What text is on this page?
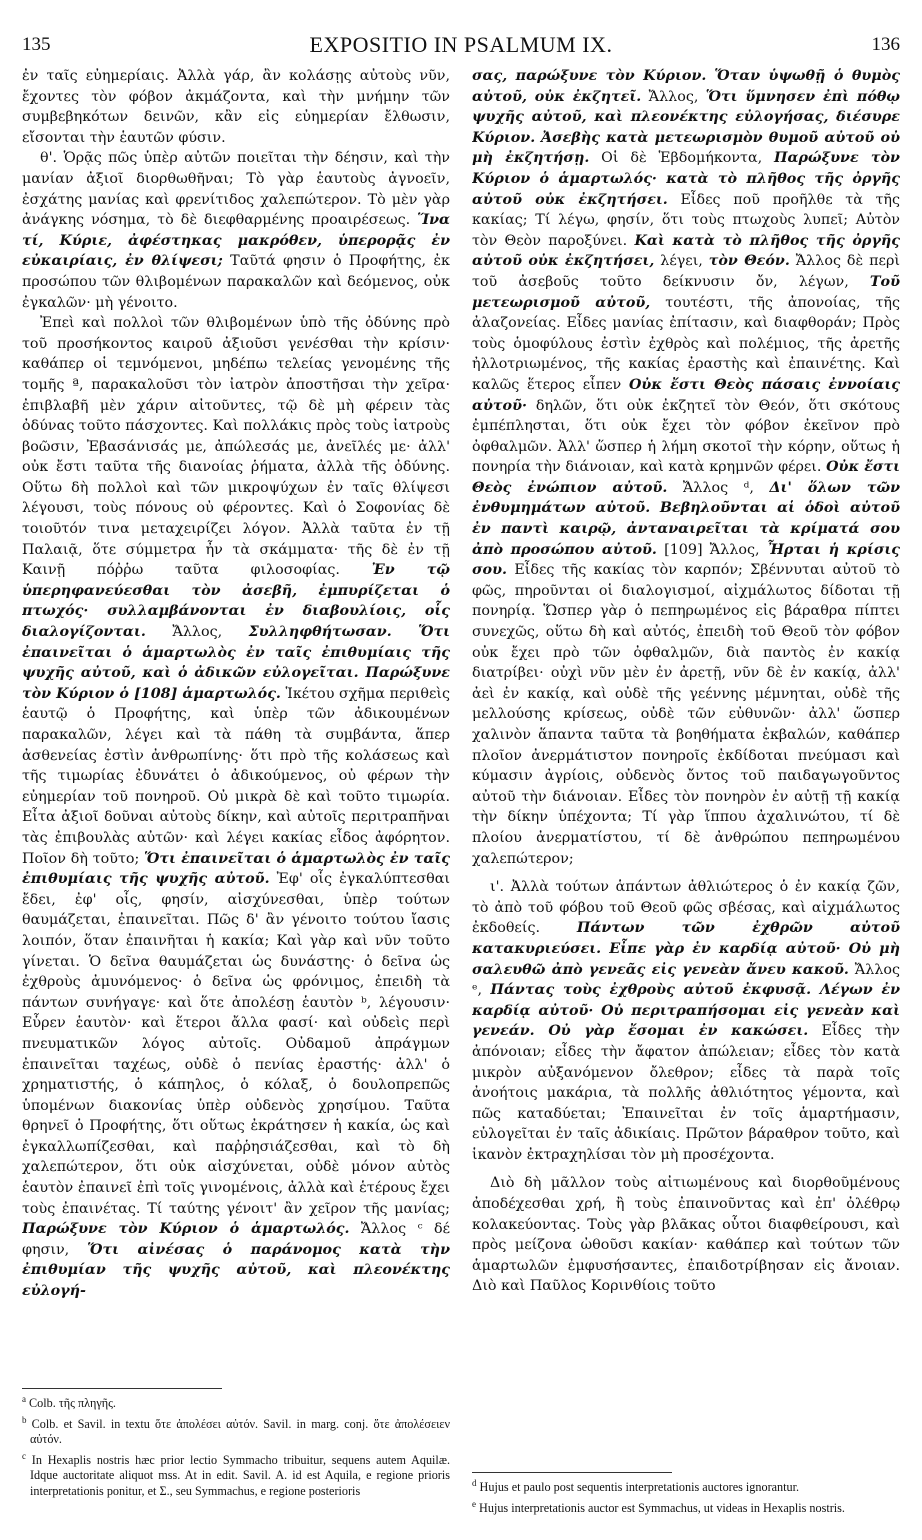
135	EXPOSITIO IN PSALMUM IX.	136

ἐν ταῖς εὐημερίαις. Ἀλλὰ γάρ, ἂν κολάσῃς αὐτοὺς νῦν, ἔχοντες τὸν φόβον ἀκμάζοντα, καὶ τὴν μνήμην τῶν συμβεβηκότων δεινῶν, κἂν εἰς εὐημερίαν ἔλθωσιν, εἴσονται τὴν ἑαυτῶν φύσιν.

θ'. Ὁρᾷς πῶς ὑπὲρ αὐτῶν ποιεῖται τὴν δέησιν, καὶ τὴν μανίαν ἀξιοῖ διορθωθῆναι; Τὸ γὰρ ἑαυτοὺς ἀγνοεῖν, ἐσχάτης μανίας καὶ φρενίτιδος χαλεπώτερον. Τὸ μὲν γὰρ ἀνάγκης νόσημα, τὸ δὲ διεφθαρμένης προαιρέσεως. Ἵνα τί, Κύριε, ἀφέστηκας μακρόθεν, ὑπερορᾷς ἐν εὐκαιρίαις, ἐν θλίψεσι; Ταῦτά φησιν ὁ Προφήτης, ἐκ προσώπου τῶν θλιβομένων παρακαλῶν καὶ δεόμενος, οὐκ ἐγκαλῶν· μὴ γένοιτο.

Ἐπεὶ καὶ πολλοὶ τῶν θλιβομένων ὑπὸ τῆς ὀδύνης πρὸ τοῦ προσήκοντος καιροῦ ἀξιοῦσι γενέσθαι τὴν κρίσιν· καθάπερ οἱ τεμνόμενοι, μηδέπω τελείας γενομένης τῆς τομῆς ª, παρακαλοῦσι τὸν ἰατρὸν ἀποστῆσαι τὴν χεῖρα· ἐπιβλαβῆ μὲν χάριν αἰτοῦντες, τῷ δὲ μὴ φέρειν τὰς ὀδύνας τοῦτο πάσχοντες. Καὶ πολλάκις πρὸς τοὺς ἰατροὺς βοῶσιν, Ἐβασάνισάς με, ἀπώλεσάς με, ἀνεῖλές με· ἀλλ' οὐκ ἔστι ταῦτα τῆς διανοίας ῥήματα, ἀλλὰ τῆς ὀδύνης. Οὕτω δὴ πολλοὶ καὶ τῶν μικροψύχων ἐν ταῖς θλίψεσι λέγουσι, τοὺς πόνους οὐ φέροντες. Καὶ ὁ Σοφονίας δὲ τοιοῦτόν τινα μεταχειρίζει λόγον. Ἀλλὰ ταῦτα ἐν τῇ Παλαιᾷ, ὅτε σύμμετρα ἦν τὰ σκάμματα· τῆς δὲ ἐν τῇ Καινῇ πόῤῥω ταῦτα φιλοσοφίας. Ἐν τῷ ὑπερηφανεύεσθαι τὸν ἀσεβῆ, ἐμπυρίζεται ὁ πτωχός· συλλαμβάνονται ἐν διαβουλίοις, οἷς διαλογίζονται. Ἄλλος, Συλληφθήτωσαν. Ὅτι ἐπαινεῖται ὁ ἁμαρτωλὸς ἐν ταῖς ἐπιθυμίαις τῆς ψυχῆς αὐτοῦ, καὶ ὁ ἀδικῶν εὐλογεῖται. Παρώξυνε τὸν Κύριον ὁ [108] ἁμαρτωλός. Ἱκέτου σχῆμα περιθεὶς ἑαυτῷ ὁ Προφήτης, καὶ ὑπὲρ τῶν ἀδικουμένων παρακαλῶν, λέγει καὶ τὰ πάθη τὰ συμβάντα, ἅπερ ἀσθενείας ἐστὶν ἀνθρωπίνης· ὅτι πρὸ τῆς κολάσεως καὶ τῆς τιμωρίας ἐδυνάτει ὁ ἀδικούμενος, οὐ φέρων τὴν εὐημερίαν τοῦ πονηροῦ. Οὐ μικρὰ δὲ καὶ τοῦτο τιμωρία. Εἶτα ἀξιοῖ δοῦναι αὐτοὺς δίκην, καὶ αὐτοῖς περιτραπῆναι τὰς ἐπιβουλὰς αὐτῶν· καὶ λέγει κακίας εἶδος ἀφόρητον. Ποῖον δὴ τοῦτο; Ὅτι ἐπαινεῖται ὁ ἁμαρτωλὸς ἐν ταῖς ἐπιθυμίαις τῆς ψυχῆς αὐτοῦ. Ἐφ' οἷς ἐγκαλύπτεσθαι ἔδει, ἐφ' οἷς, φησίν, αἰσχύνεσθαι, ὑπὲρ τούτων θαυμάζεται, ἐπαινεῖται. Πῶς δ' ἂν γένοιτο τούτου ἴασις λοιπόν, ὅταν ἐπαινῆται ἡ κακία; Καὶ γὰρ καὶ νῦν τοῦτο γίνεται. Ὁ δεῖνα θαυμάζεται ὡς δυνάστης· ὁ δεῖνα ὡς ἐχθροὺς ἀμυνόμενος· ὁ δεῖνα ὡς φρόνιμος, ἐπειδὴ τὰ πάντων συνήγαγε· καὶ ὅτε ἀπολέσῃ ἑαυτὸν ᵇ, λέγουσιν· Εὗρεν ἑαυτὸν· καὶ ἕτεροι ἄλλα φασί· καὶ οὐδεὶς περὶ πνευματικῶν λόγος αὐτοῖς. Οὐδαμοῦ ἀπράγμων ἐπαινεῖται ταχέως, οὐδὲ ὁ πενίας ἐραστής· ἀλλ' ὁ χρηματιστής, ὁ κάπηλος, ὁ κόλαξ, ὁ δουλοπρεπῶς ὑπομένων διακονίας ὑπὲρ οὐδενὸς χρησίμου. Ταῦτα θρηνεῖ ὁ Προφήτης, ὅτι οὕτως ἐκράτησεν ἡ κακία, ὡς καὶ ἐγκαλλωπίζεσθαι, καὶ παῤῥησιάζεσθαι, καὶ τὸ δὴ χαλεπώτερον, ὅτι οὐκ αἰσχύνεται, οὐδὲ μόνον αὐτὸς ἑαυτὸν ἐπαινεῖ ἐπὶ τοῖς γινομένοις, ἀλλὰ καὶ ἑτέρους ἔχει τοὺς ἐπαινέτας. Τί ταύτης γένοιτ' ἂν χεῖρον τῆς μανίας; Παρώξυνε τὸν Κύριον ὁ ἁμαρτωλός. Ἄλλος ᶜ δέ φησιν, Ὅτι αἰνέσας ὁ παράνομος κατὰ τὴν ἐπιθυμίαν τῆς ψυχῆς αὐτοῦ, καὶ πλεονέκτης εὐλογή-

σας, παρώξυνε τὸν Κύριον. Ὅταν ὑψωθῇ ὁ θυμὸς αὐτοῦ, οὐκ ἐκζητεῖ. Ἄλλος, Ὅτι ὕμνησεν ἐπὶ πόθῳ ψυχῆς αὐτοῦ, καὶ πλεονέκτης εὐλογήσας, διέσυρε Κύριον. Ἀσεβὴς κατὰ μετεωρισμὸν θυμοῦ αὐτοῦ οὐ μὴ ἐκζητήσῃ. Οἱ δὲ Ἑβδομήκοντα, Παρώξυνε τὸν Κύριον ὁ ἁμαρτωλός· κατὰ τὸ πλῆθος τῆς ὀργῆς αὐτοῦ οὐκ ἐκζητήσει. Εἶδες ποῦ προῆλθε τὰ τῆς κακίας; Τί λέγω, φησίν, ὅτι τοὺς πτωχοὺς λυπεῖ; Αὐτὸν τὸν Θεὸν παροξύνει. Καὶ κατὰ τὸ πλῆθος τῆς ὀργῆς αὐτοῦ οὐκ ἐκζητήσει, λέγει, τὸν Θεόν. Ἄλλος δὲ περὶ τοῦ ἀσεβοῦς τοῦτο δείκνυσιν ὄν, λέγων, Τοῦ μετεωρισμοῦ αὐτοῦ, τουτέστι, τῆς ἀπονοίας, τῆς ἀλαζονείας. Εἶδες μανίας ἐπίτασιν, καὶ διαφθοράν; Πρὸς τοὺς ὁμοφύλους ἐστὶν ἐχθρὸς καὶ πολέμιος, τῆς ἀρετῆς ἠλλοτριωμένος, τῆς κακίας ἐραστὴς καὶ ἐπαινέτης. Καὶ καλῶς ἕτερος εἶπεν Οὐκ ἔστι Θεὸς πάσαις ἐννοίαις αὐτοῦ· δηλῶν, ὅτι οὐκ ἐκζητεῖ τὸν Θεόν, ὅτι σκότους ἐμπέπλησται, ὅτι οὐκ ἔχει τὸν φόβον ἐκεῖνον πρὸ ὀφθαλμῶν. Ἀλλ' ὥσπερ ἡ λήμη σκοτοῖ τὴν κόρην, οὕτως ἡ πονηρία τὴν διάνοιαν, καὶ κατὰ κρημνῶν φέρει. Οὐκ ἔστι Θεὸς ἐνώπιον αὐτοῦ. Ἄλλος ᵈ, Δι' ὅλων τῶν ἐνθυμημάτων αὐτοῦ. Βεβηλοῦνται αἱ ὁδοὶ αὐτοῦ ἐν παντὶ καιρῷ, ἀνταναιρεῖται τὰ κρίματά σου ἀπὸ προσώπου αὐτοῦ. [109] Ἄλλος, Ἦρται ἡ κρίσις σου. Εἶδες τῆς κακίας τὸν καρπόν; Σβέννυται αὐτοῦ τὸ φῶς, πηροῦνται οἱ διαλογισμοί, αἰχμάλωτος δίδοται τῇ πονηρίᾳ. Ὥσπερ γὰρ ὁ πεπηρωμένος εἰς βάραθρα πίπτει συνεχῶς, οὕτω δὴ καὶ αὐτός, ἐπειδὴ τοῦ Θεοῦ τὸν φόβον οὐκ ἔχει πρὸ τῶν ὀφθαλμῶν, διὰ παντὸς ἐν κακίᾳ διατρίβει· οὐχὶ νῦν μὲν ἐν ἀρετῇ, νῦν δὲ ἐν κακίᾳ, ἀλλ' ἀεὶ ἐν κακίᾳ, καὶ οὐδὲ τῆς γεέννης μέμνηται, οὐδὲ τῆς μελλούσης κρίσεως, οὐδὲ τῶν εὐθυνῶν· ἀλλ' ὥσπερ χαλινὸν ἅπαντα ταῦτα τὰ βοηθήματα ἐκβαλών, καθάπερ πλοῖον ἀνερμάτιστον πονηροῖς ἐκδίδοται πνεύμασι καὶ κύμασιν ἀγρίοις, οὐδενὸς ὄντος τοῦ παιδαγωγοῦντος αὐτοῦ τὴν διάνοιαν. Εἶδες τὸν πονηρὸν ἐν αὐτῇ τῇ κακίᾳ τὴν δίκην ὑπέχοντα; Τί γὰρ ἵππου ἀχαλινώτου, τί δὲ πλοίου ἀνερματίστου, τί δὲ ἀνθρώπου πεπηρωμένου χαλεπώτερον;

ι'. Ἀλλὰ τούτων ἁπάντων ἀθλιώτερος ὁ ἐν κακίᾳ ζῶν, τὸ ἀπὸ τοῦ φόβου τοῦ Θεοῦ φῶς σβέσας, καὶ αἰχμάλωτος ἐκδοθείς. Πάντων τῶν ἐχθρῶν αὐτοῦ κατακυριεύσει. Εἶπε γὰρ ἐν καρδίᾳ αὐτοῦ· Οὐ μὴ σαλευθῶ ἀπὸ γενεᾶς εἰς γενεὰν ἄνευ κακοῦ. Ἄλλος ᵉ, Πάντας τοὺς ἐχθροὺς αὐτοῦ ἐκφυσᾷ. Λέγων ἐν καρδίᾳ αὐτοῦ· Οὐ περιτραπήσομαι εἰς γενεὰν καὶ γενεάν. Οὐ γὰρ ἔσομαι ἐν κακώσει. Εἶδες τὴν ἀπόνοιαν; εἶδες τὴν ἄφατον ἀπώλειαν; εἶδες τὸν κατὰ μικρὸν αὐξανόμενον ὄλεθρον; εἶδες τὰ παρὰ τοῖς ἀνοήτοις μακάρια, τὰ πολλῆς ἀθλιότητος γέμοντα, καὶ πῶς καταδύεται; Ἐπαινεῖται ἐν τοῖς ἁμαρτήμασιν, εὐλογεῖται ἐν ταῖς ἀδικίαις. Πρῶτον βάραθρον τοῦτο, καὶ ἱκανὸν ἐκτραχηλίσαι τὸν μὴ προσέχοντα.

Διὸ δὴ μᾶλλον τοὺς αἰτιωμένους καὶ διορθοῦμένους ἀποδέχεσθαι χρή, ἢ τοὺς ἐπαινοῦντας καὶ ἐπ' ὀλέθρῳ κολακεύοντας. Τοὺς γὰρ βλᾶκας οὗτοι διαφθείρουσι, καὶ πρὸς μείζονα ὠθοῦσι κακίαν· καθάπερ καὶ τούτων τῶν ἁμαρτωλῶν ἐμφυσήσαντες, ἐπαιδοτρίβησαν εἰς ἄνοιαν. Διὸ καὶ Παῦλος Κορινθίοις τοῦτο

$^a$ Colb. τῆς πληγῆς.
$^b$ Colb. et Savil. in textu ὅτε ἀπολέσει αὐτόν. Savil. in marg. conj. ὅτε ἀπολέσειεν αὐτόν.
$^c$ In Hexaplis nostris hæc prior lectio Symmacho tribuitur, sequens autem Aquilæ. Idque auctoritate aliquot mss. At in edit. Savil. A. id est Aquila, e regione prioris interpretationis ponitur, et Σ., seu Symmachus, e regione posterioris
$^d$ Hujus et paulo post sequentis interpretationis auctores ignorantur.
$^e$ Hujus interpretationis auctor est Symmachus, ut videas in Hexaplis nostris.
